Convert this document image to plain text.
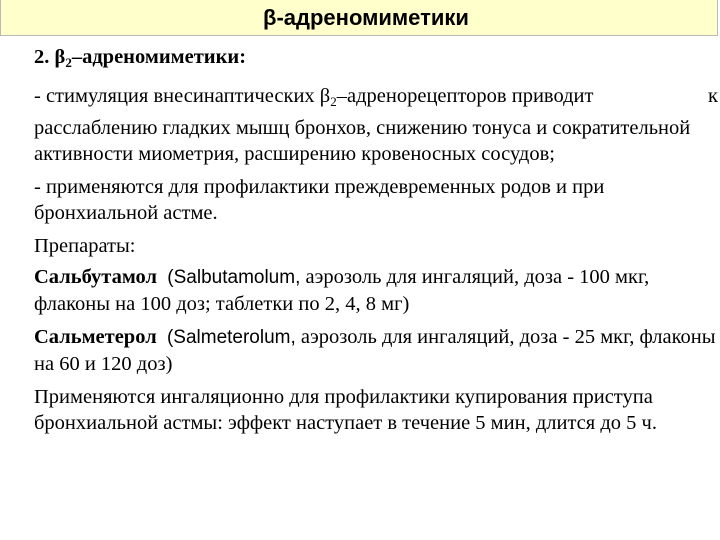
β-адреномиметики

2. β2–адреномиметики:

- стимуляция внесинаптических β2–адренорецепторов приводит	к
расслаблению гладких мышц бронхов, снижению тонуса и сократительной активности миометрия, расширению кровеносных сосудов;

- применяются для профилактики преждевременных родов и при бронхиальной астме.

Препараты:

Сальбутамол (Salbutamolum, аэрозоль для ингаляций, доза - 100 мкг, флаконы на 100 доз; таблетки по 2, 4, 8 мг)

Сальметерол (Salmeterolum, аэрозоль для ингаляций, доза - 25 мкг, флаконы на 60 и 120 доз)

Применяются ингаляционно для профилактики купирования приступа бронхиальной астмы: эффект наступает в течение 5 мин, длится до 5 ч.
